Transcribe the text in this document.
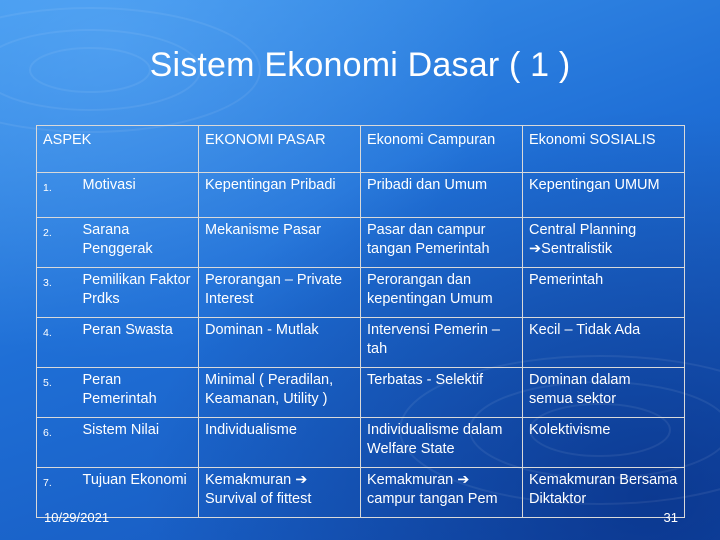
Sistem Ekonomi Dasar ( 1 )
ASPEK		EKONOMI PASAR	Ekonomi Campuran	Ekonomi SOSIALIS
1.	Motivasi	Kepentingan Pribadi	Pribadi dan Umum	Kepentingan UMUM
2.	Sarana Penggerak	Mekanisme Pasar	Pasar dan campur tangan Pemerintah	Central Planning ➔Sentralistik
3.	Pemilikan Faktor Prdks	Perorangan – Private Interest	Perorangan dan kepentingan Umum	Pemerintah
4.	Peran Swasta	Dominan - Mutlak	Intervensi Pemerin – tah	Kecil – Tidak Ada
5.	Peran Pemerintah	Minimal ( Peradilan, Keamanan, Utility )	Terbatas - Selektif	Dominan dalam semua sektor
6.	Sistem Nilai	Individualisme	Individualisme dalam Welfare State	Kolektivisme
7.	Tujuan Ekonomi	Kemakmuran ➔ Survival of fittest	Kemakmuran ➔ campur tangan Pem	Kemakmuran Bersama Diktaktor
10/29/2021	31
